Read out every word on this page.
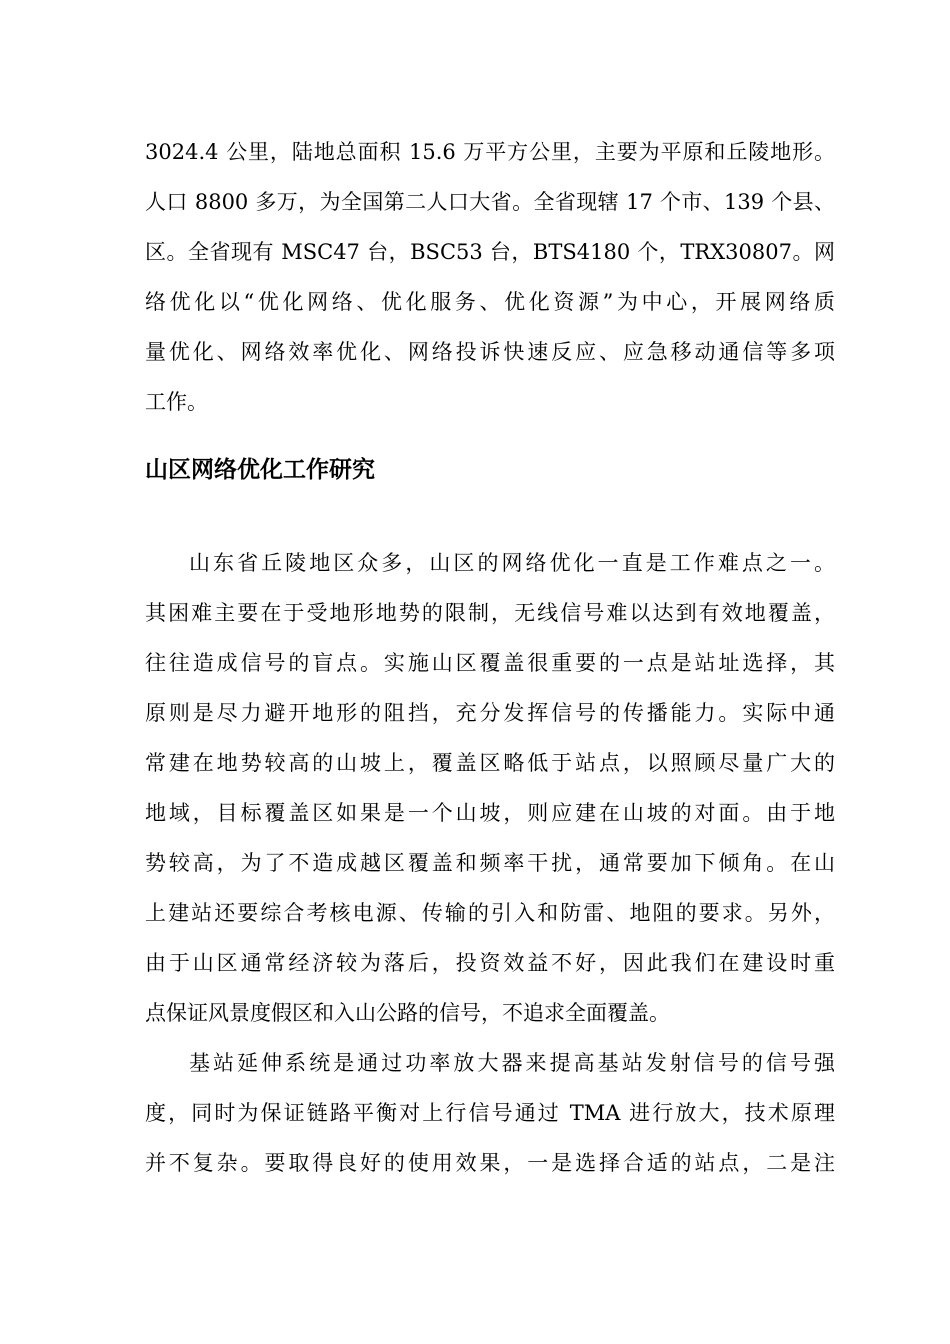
3024.4 公里，陆地总面积 15.6 万平方公里，主要为平原和丘陵地形。
人口 8800 多万，为全国第二人口大省。全省现辖 17 个市、139 个县、
区。全省现有 MSC47 台，BSC53 台，BTS4180 个，TRX30807。网
络优化以“优化网络、优化服务、优化资源”为中心，开展网络质
量优化、网络效率优化、网络投诉快速反应、应急移动通信等多项
工作。
山区网络优化工作研究
山东省丘陵地区众多，山区的网络优化一直是工作难点之一。
其困难主要在于受地形地势的限制，无线信号难以达到有效地覆盖，
往往造成信号的盲点。实施山区覆盖很重要的一点是站址选择，其
原则是尽力避开地形的阻挡，充分发挥信号的传播能力。实际中通
常建在地势较高的山坡上，覆盖区略低于站点，以照顾尽量广大的
地域，目标覆盖区如果是一个山坡，则应建在山坡的对面。由于地
势较高，为了不造成越区覆盖和频率干扰，通常要加下倾角。在山
上建站还要综合考核电源、传输的引入和防雷、地阻的要求。另外，
由于山区通常经济较为落后，投资效益不好，因此我们在建设时重
点保证风景度假区和入山公路的信号，不追求全面覆盖。
基站延伸系统是通过功率放大器来提高基站发射信号的信号强
度，同时为保证链路平衡对上行信号通过 TMA 进行放大，技术原理
并不复杂。要取得良好的使用效果，一是选择合适的站点，二是注
